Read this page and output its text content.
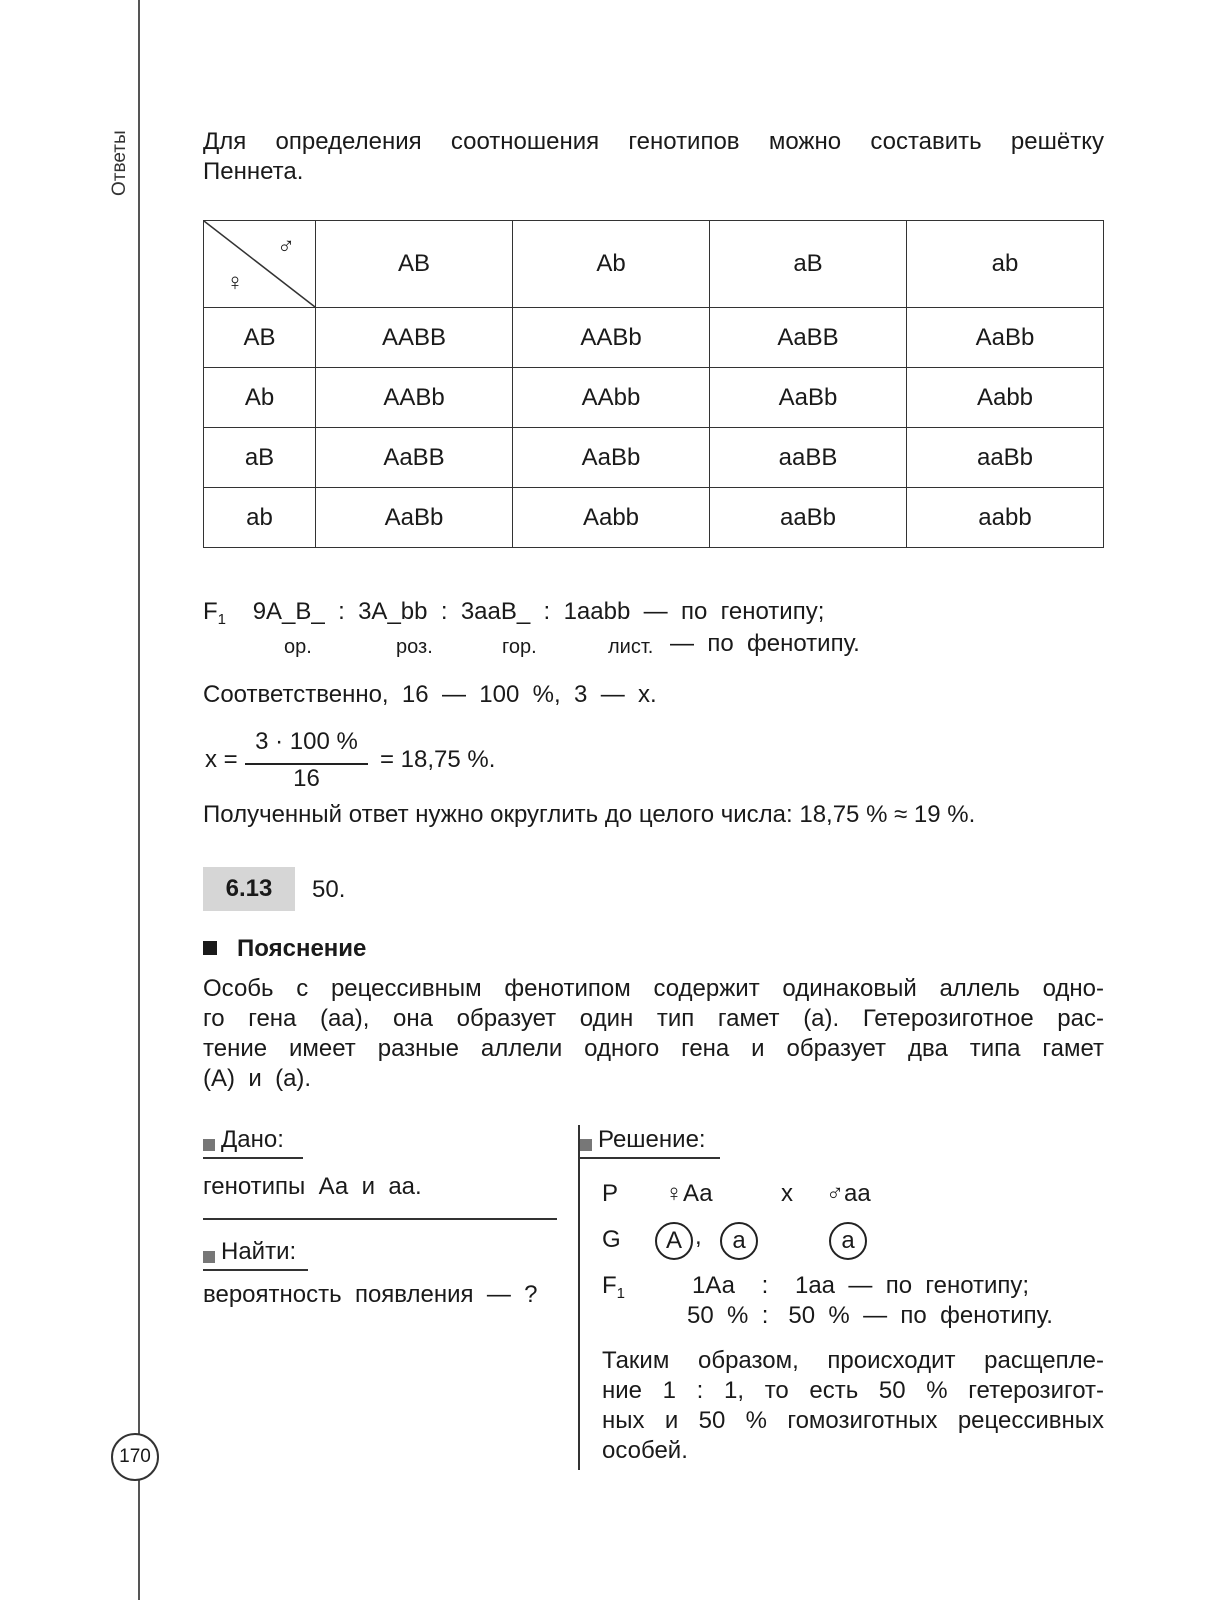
Ответы
170
Для определения соотношения генотипов можно составить решётку
Пеннета.
♂
♀	AB	Ab	aB	ab
AB	AABB	AABb	AaBB	AaBb
Ab	AABb	AAbb	AaBb	Aabb
aB	AaBB	AaBb	aaBB	aaBb
ab	AaBb	Aabb	aaBb	aabb
$F_1$ 9A_B_  :  3A_bb  :  3aaB_  :  1aabb  —  по  генотипу;
ор.	роз.	гор.	лист. —  по  фенотипу.
Соответственно,  16  —  100  %,  3  —  x.
x =
3 · 100 %
16
= 18,75 %.
Полученный ответ нужно округлить до целого числа: 18,75 % ≈ 19 %.
6.13	50.
Пояснение
Особь с рецессивным фенотипом содержит одинаковый аллель одно-
го гена (аа), она образует один тип гамет (а). Гетерозиготное рас-
тение имеет разные аллели одного гена и образует два типа гамет
(А)  и  (а).
Дано:
генотипы  Аа  и  аа.
Найти:
вероятность  появления  —  ?
Решение:
P ♀Аа	x ♂аа
G	A ,	a	a
$F_1$	1Аа    :    1аа  —  по  генотипу;
50  %  :   50  %  —  по  фенотипу.
Таким образом, происходит расщепле-
ние 1 : 1, то есть 50 % гетерозигот-
ных и 50 % гомозиготных рецессивных
особей.
